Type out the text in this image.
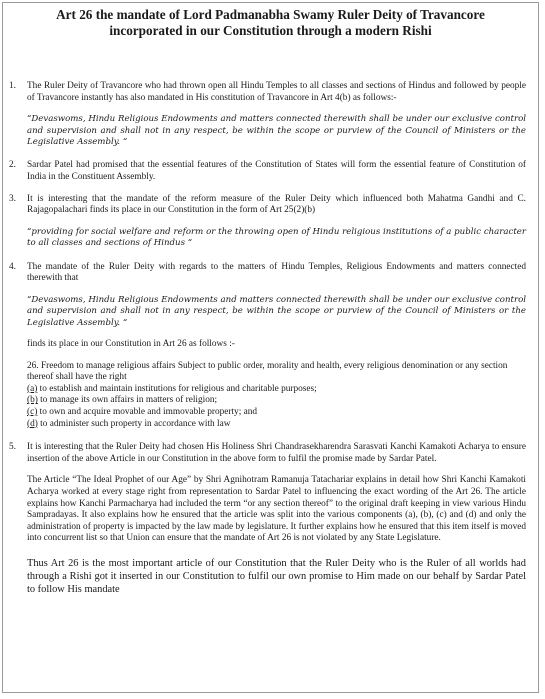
Art 26 the mandate of Lord Padmanabha Swamy Ruler Deity of Travancore
incorporated in our Constitution through a modern Rishi
1. The Ruler Deity of Travancore who had thrown open all Hindu Temples to all classes and sections of Hindus and followed by people of Travancore instantly has also mandated in His constitution of Travancore in Art 4(b) as follows:-

“Devaswoms, Hindu Religious Endowments and matters connected therewith shall be under our exclusive control and supervision and shall not in any respect, be within the scope or purview of the Council of Ministers or the Legislative Assembly. “

2. Sardar Patel had promised that the essential features of the Constitution of States will form the essential feature of Constitution of India in the Constituent Assembly.

3. It is interesting that the mandate of the reform measure of the Ruler Deity which influenced both Mahatma Gandhi and C. Rajagopalachari finds its place in our Constitution in the form of Art 25(2)(b)

“providing for social welfare and reform or the throwing open of Hindu religious institutions of a public character to all classes and sections of Hindus “

4. The mandate of the Ruler Deity with regards to the matters of Hindu Temples, Religious Endowments and matters connected therewith that

“Devaswoms, Hindu Religious Endowments and matters connected therewith shall be under our exclusive control and supervision and shall not in any respect, be within the scope or purview of the Council of Ministers or the Legislative Assembly. “

finds its place in our Constitution in Art 26 as follows :-

26. Freedom to manage religious affairs Subject to public order, morality and health, every religious denomination or any section thereof shall have the right

(a) to establish and maintain institutions for religious and charitable purposes;
(b) to manage its own affairs in matters of religion;
(c) to own and acquire movable and immovable property; and
(d) to administer such property in accordance with law
5. It is interesting that the Ruler Deity had chosen His Holiness Shri Chandrasekharendra Sarasvati Kanchi Kamakoti Acharya to ensure insertion of the above Article in our Constitution in the above form to fulfil the promise made by Sardar Patel.

The Article “The Ideal Prophet of our Age” by Shri Agnihotram Ramanuja Tatachariar explains in detail how Shri Kanchi Kamakoti Acharya worked at every stage right from representation to Sardar Patel to influencing the exact wording of the Art 26. The article explains how Kanchi Parmacharya had included the term “or any section thereof” to the original draft keeping in view various Hindu Sampradayas. It also explains how he ensured that the article was split into the various components (a), (b), (c) and (d) and only the administration of property is impacted by the law made by legislature. It further explains how he ensured that this item itself is moved into concurrent list so that Union can ensure that the mandate of Art 26 is not violated by any State Legislature.

Thus Art 26 is the most important article of our Constitution that the Ruler Deity who is the Ruler of all worlds had through a Rishi got it inserted in our Constitution to fulfil our own promise to Him made on our behalf by Sardar Patel to follow His mandate
